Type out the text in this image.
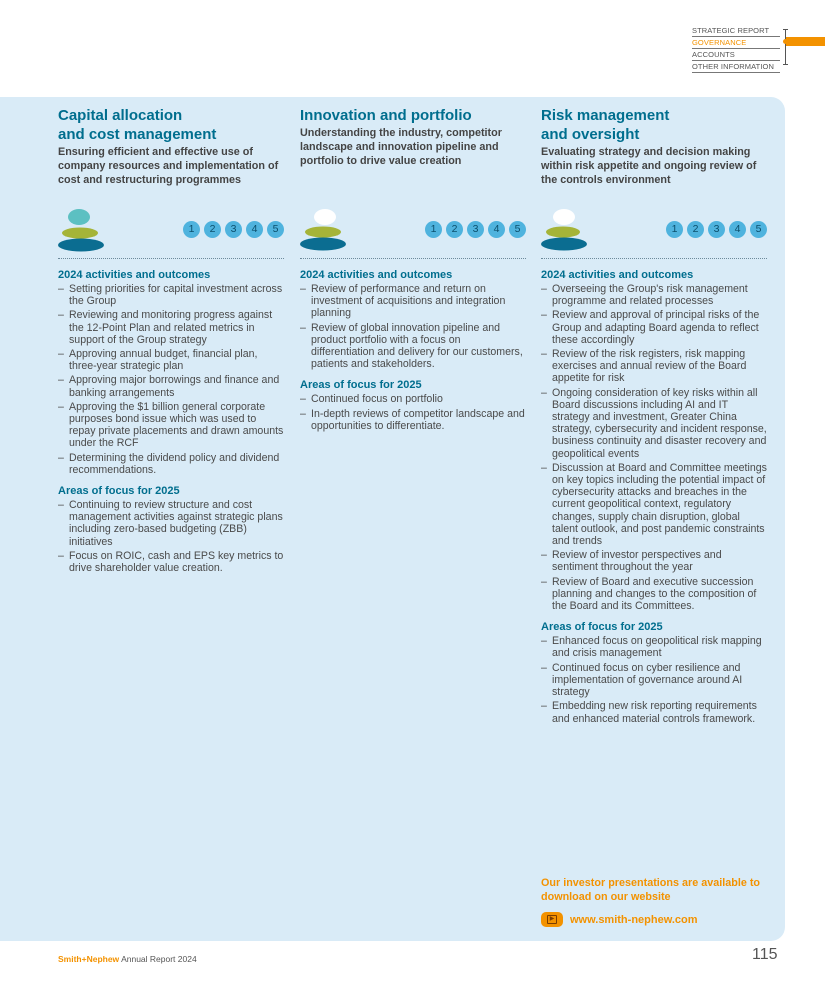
STRATEGIC REPORT
GOVERNANCE
ACCOUNTS
OTHER INFORMATION
Capital allocation
and cost management
Ensuring efficient and effective use of company resources and implementation of cost and restructuring programmes
1	2	3	4	5
2024 activities and outcomes
– Setting priorities for capital investment across the Group
– Reviewing and monitoring progress against the 12-Point Plan and related metrics in support of the Group strategy
– Approving annual budget, financial plan, three-year strategic plan
– Approving major borrowings and finance and banking arrangements
– Approving the $1 billion general corporate purposes bond issue which was used to repay private placements and drawn amounts under the RCF
– Determining the dividend policy and dividend recommendations.
Areas of focus for 2025
– Continuing to review structure and cost management activities against strategic plans including zero-based budgeting (ZBB) initiatives
– Focus on ROIC, cash and EPS key metrics to drive shareholder value creation.
Innovation and portfolio
Understanding the industry, competitor landscape and innovation pipeline and portfolio to drive value creation
1	2	3	4	5
2024 activities and outcomes
– Review of performance and return on investment of acquisitions and integration planning
– Review of global innovation pipeline and product portfolio with a focus on differentiation and delivery for our customers, patients and stakeholders.
Areas of focus for 2025
– Continued focus on portfolio
– In-depth reviews of competitor landscape and opportunities to differentiate.
Risk management
and oversight
Evaluating strategy and decision making within risk appetite and ongoing review of the controls environment
1	2	3	4	5
2024 activities and outcomes
– Overseeing the Group's risk management programme and related processes
– Review and approval of principal risks of the Group and adapting Board agenda to reflect these accordingly
– Review of the risk registers, risk mapping exercises and annual review of the Board appetite for risk
– Ongoing consideration of key risks within all Board discussions including AI and IT strategy and investment, Greater China strategy, cybersecurity and incident response, business continuity and disaster recovery and geopolitical events
– Discussion at Board and Committee meetings on key topics including the potential impact of cybersecurity attacks and breaches in the current geopolitical context, regulatory changes, supply chain disruption, global talent outlook, and post pandemic constraints and trends
– Review of investor perspectives and sentiment throughout the year
– Review of Board and executive succession planning and changes to the composition of the Board and its Committees.
Areas of focus for 2025
– Enhanced focus on geopolitical risk mapping and crisis management
– Continued focus on cyber resilience and implementation of governance around AI strategy
– Embedding new risk reporting requirements and enhanced material controls framework.
Our investor presentations are available to download on our website
▶ www.smith-nephew.com
Smith+Nephew Annual Report 2024	115
